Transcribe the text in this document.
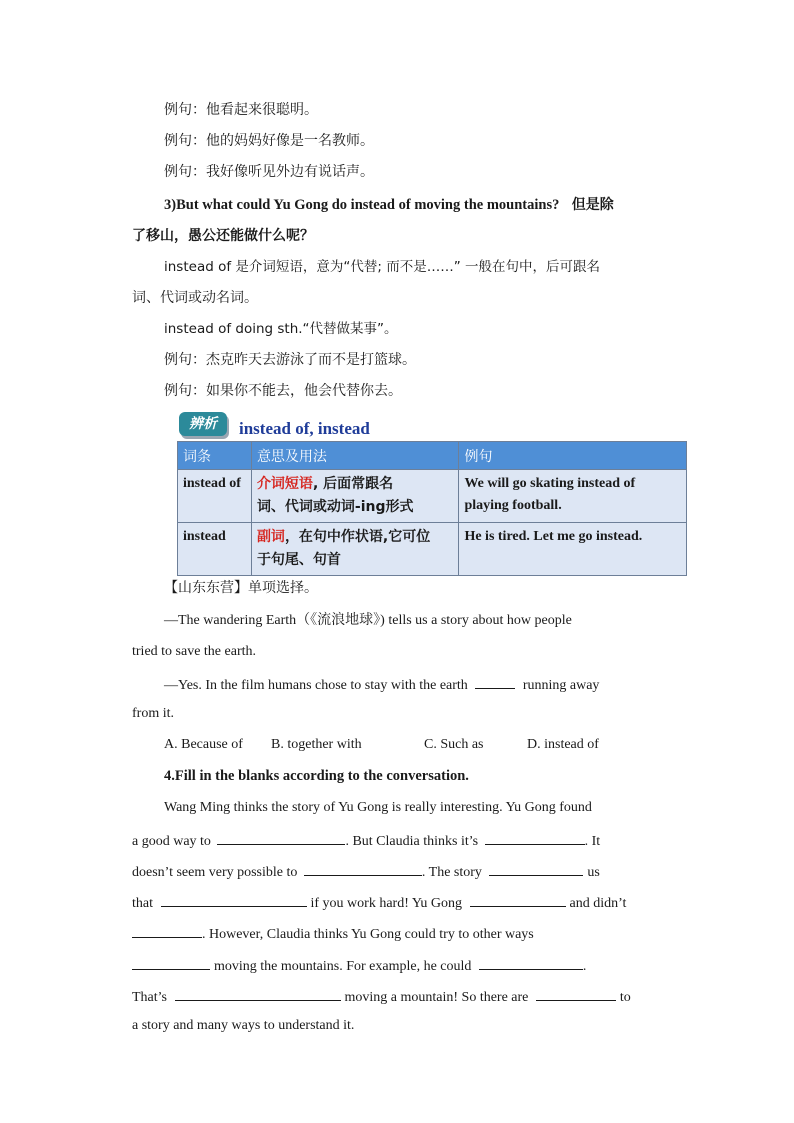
例句：他看起来很聪明。
例句：他的妈妈好像是一名教师。
例句：我好像听见外边有说话声。
3)But what could Yu Gong do instead of moving the mountains? 但是除
了移山，愚公还能做什么呢？
instead of 是介词短语，意为“代替; 而不是……” 一般在句中，后可跟名
词、代词或动名词。
instead of doing sth.“代替做某事”。
例句：杰克昨天去游泳了而不是打篮球。
例句：如果你不能去，他会代替你去。
辨析	instead of, instead
词条	意思及用法	例句
instead of	介词短语, 后面常跟名
词、代词或动词-ing形式	We will go skating instead of playing football.
instead	副词，在句中作状语,它可位
于句尾、句首	He is tired. Let me go instead.
【山东东营】单项选择。
—The wandering Earth（《流浪地球》) tells us a story about how people
tried to save the earth.
—Yes. In the film humans chose to stay with the earth	running away
from it.
A. Because of B. together with	C. Such as	D. instead of
4.Fill in the blanks according to the conversation.
Wang Ming thinks the story of Yu Gong is really interesting. Yu Gong found
a good way to	. But Claudia thinks it’s	. It
doesn’t seem very possible to	. The story	us
that	if you work hard! Yu Gong	and didn’t
. However, Claudia thinks Yu Gong could try to other ways
moving the mountains. For example, he could	.
That’s	moving a mountain! So there are	to
a story and many ways to understand it.
